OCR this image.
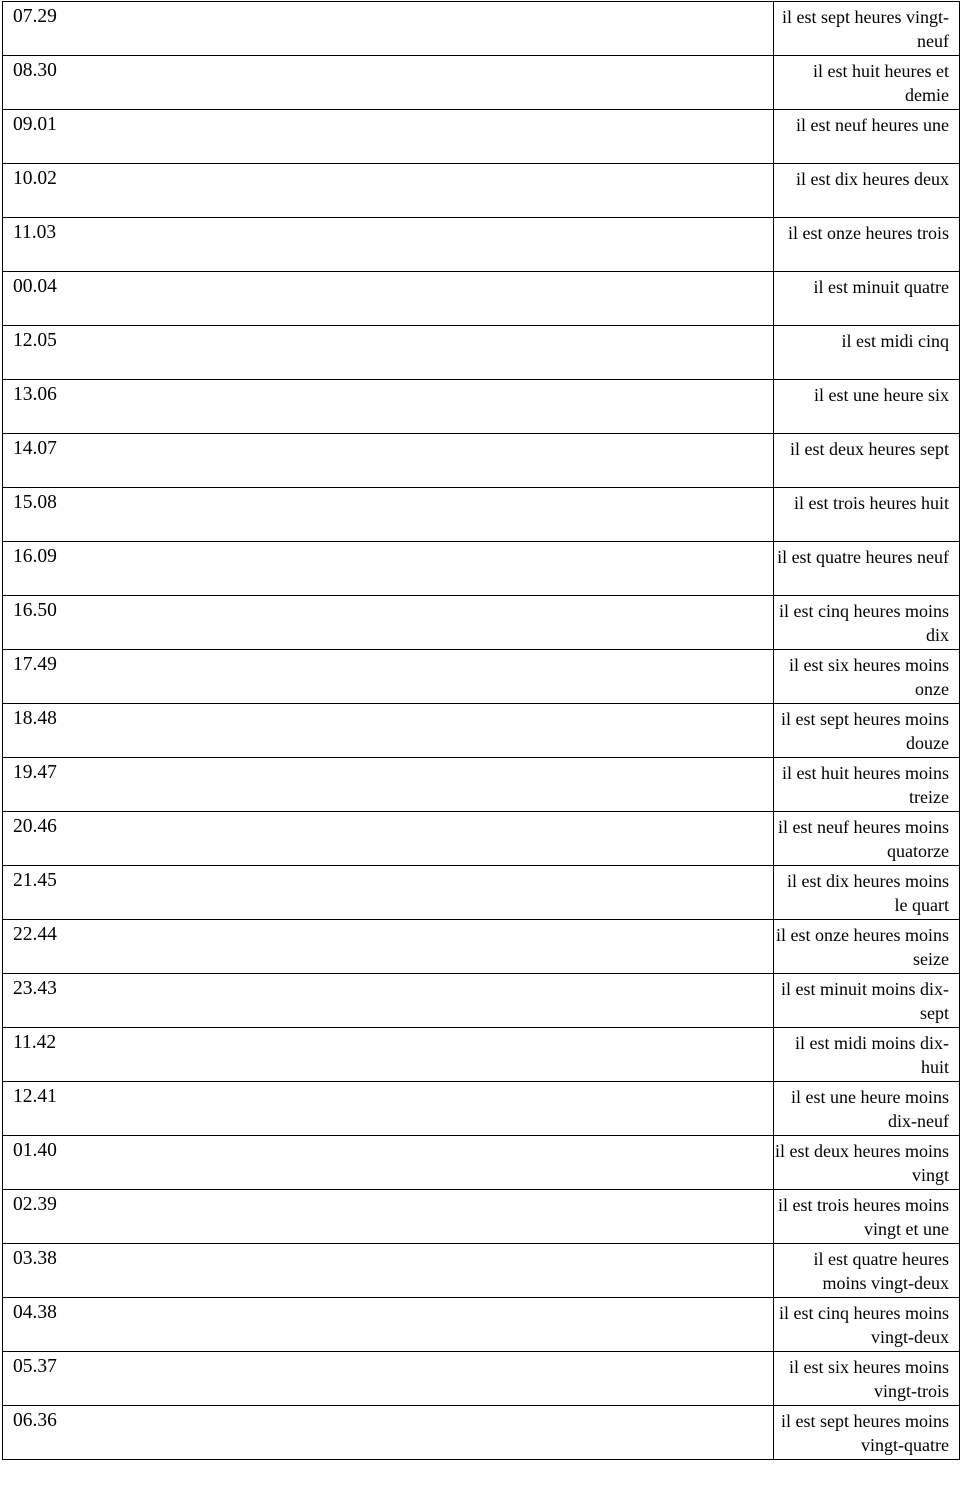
07.29	il est sept heures vingt-neuf

08.30	il est huit heures et demie

09.01	il est neuf heures une

10.02	il est dix heures deux

11.03	il est onze heures trois

00.04	il est minuit quatre

12.05	il est midi cinq

13.06	il est une heure six

14.07	il est deux heures sept

15.08	il est trois heures huit

16.09	il est quatre heures neuf

16.50	il est cinq heures moins dix

17.49	il est six heures moins onze

18.48	il est sept heures moins douze

19.47	il est huit heures moins treize

20.46	il est neuf heures moins quatorze

21.45	il est dix heures moins le quart

22.44	il est onze heures moins seize

23.43	il est minuit moins dix-sept

11.42	il est midi moins dix-huit

12.41	il est une heure moins dix-neuf

01.40	il est deux heures moins vingt

02.39	il est trois heures moins vingt et une

03.38	il est quatre heures moins vingt-deux

04.38	il est cinq heures moins vingt-deux

05.37	il est six heures moins vingt-trois

06.36	il est sept heures moins vingt-quatre
